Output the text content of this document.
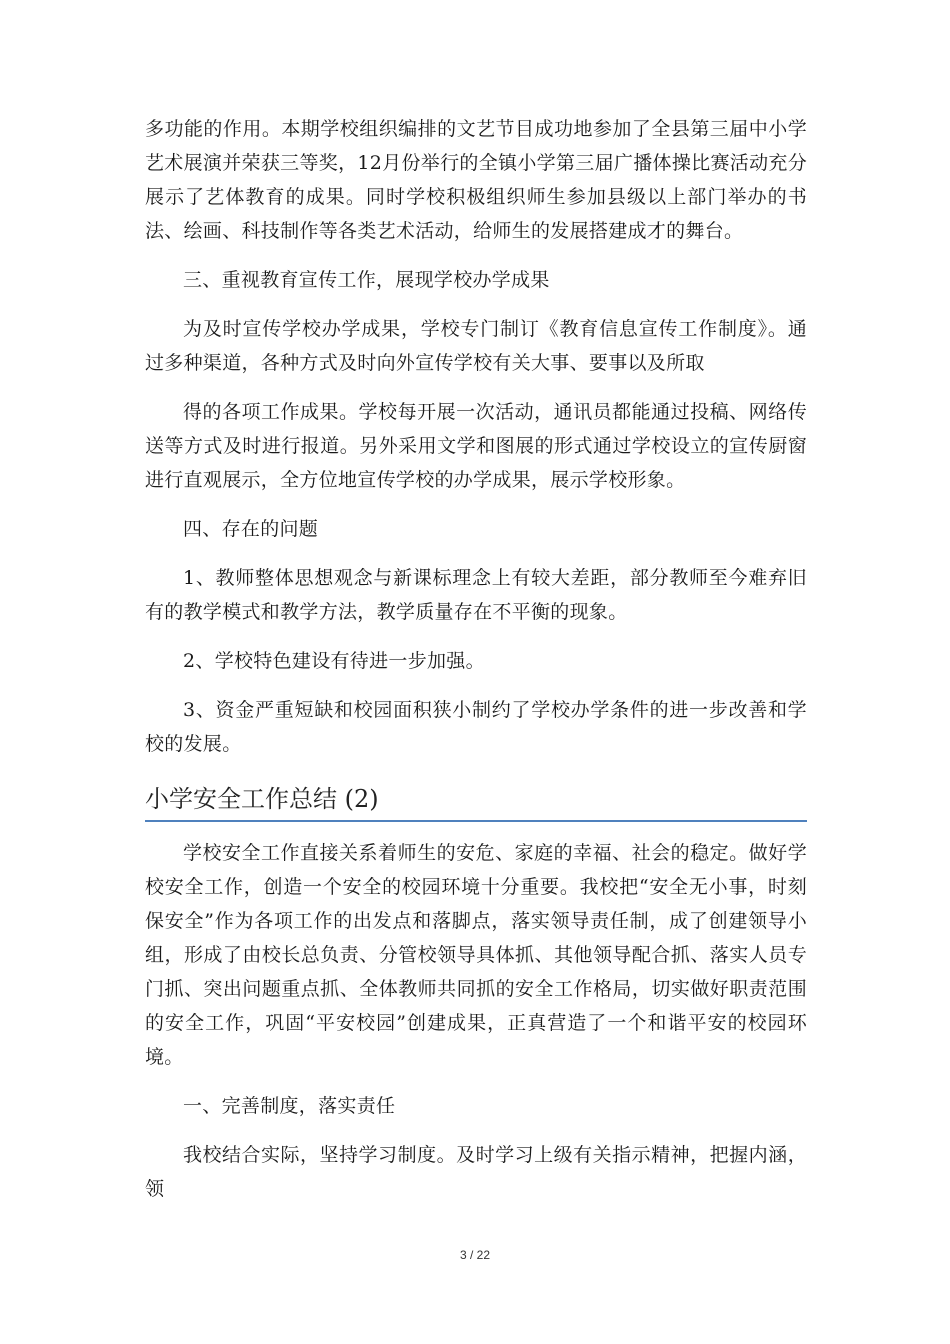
多功能的作用。本期学校组织编排的文艺节目成功地参加了全县第三届中小学艺术展演并荣获三等奖，12月份举行的全镇小学第三届广播体操比赛活动充分展示了艺体教育的成果。同时学校积极组织师生参加县级以上部门举办的书法、绘画、科技制作等各类艺术活动，给师生的发展搭建成才的舞台。

三、重视教育宣传工作，展现学校办学成果

为及时宣传学校办学成果，学校专门制订《教育信息宣传工作制度》。通过多种渠道，各种方式及时向外宣传学校有关大事、要事以及所取

得的各项工作成果。学校每开展一次活动，通讯员都能通过投稿、网络传送等方式及时进行报道。另外采用文学和图展的形式通过学校设立的宣传厨窗进行直观展示，全方位地宣传学校的办学成果，展示学校形象。

四、存在的问题

1、教师整体思想观念与新课标理念上有较大差距，部分教师至今难弃旧有的教学模式和教学方法，教学质量存在不平衡的现象。

2、学校特色建设有待进一步加强。

3、资金严重短缺和校园面积狭小制约了学校办学条件的进一步改善和学校的发展。

小学安全工作总结 (2)

学校安全工作直接关系着师生的安危、家庭的幸福、社会的稳定。做好学校安全工作，创造一个安全的校园环境十分重要。我校把“安全无小事，时刻保安全”作为各项工作的出发点和落脚点，落实领导责任制，成了创建领导小组，形成了由校长总负责、分管校领导具体抓、其他领导配合抓、落实人员专门抓、突出问题重点抓、全体教师共同抓的安全工作格局，切实做好职责范围的安全工作，巩固“平安校园”创建成果，正真营造了一个和谐平安的校园环境。

一、完善制度，落实责任

我校结合实际，坚持学习制度。及时学习上级有关指示精神，把握内涵，领

3 / 22
